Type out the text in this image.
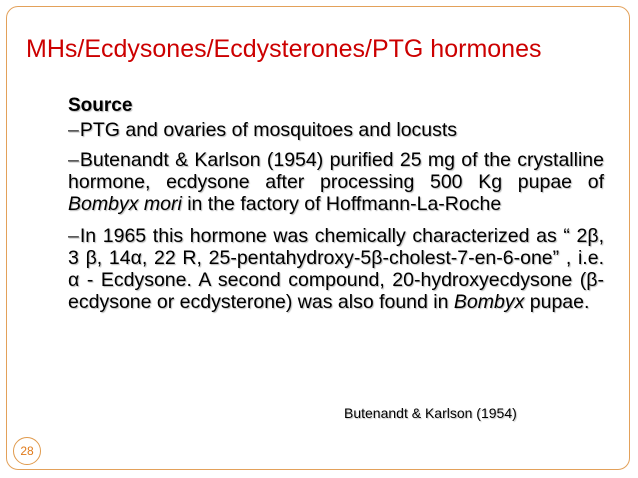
MHs/Ecdysones/Ecdysterones/PTG hormones
Source
–PTG and ovaries of mosquitoes and locusts
–Butenandt & Karlson (1954) purified 25 mg of the crystalline hormone, ecdysone after processing 500 Kg pupae of Bombyx mori in the factory of Hoffmann-La-Roche
–In 1965 this hormone was chemically characterized as “ 2β, 3 β, 14α, 22 R, 25-pentahydroxy-5β-cholest-7-en-6-one” , i.e. α - Ecdysone. A second compound, 20-hydroxyecdysone (β-ecdysone or ecdysterone) was also found in Bombyx pupae.
Butenandt & Karlson (1954)
28
